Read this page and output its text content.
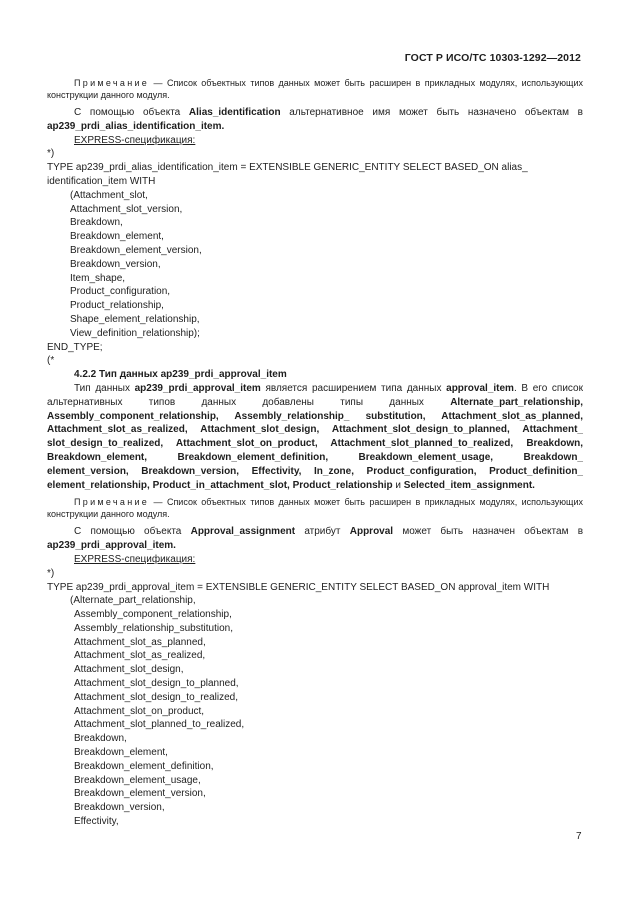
ГОСТ Р ИСО/ТС 10303-1292—2012

Примечание — Список объектных типов данных может быть расширен в прикладных модулях, использующих конструкции данного модуля.

С помощью объекта Alias_identification альтернативное имя может быть назначено объектам в ap239_prdi_alias_identification_item.

EXPRESS-спецификация:

*)

TYPE ap239_prdi_alias_identification_item = EXTENSIBLE GENERIC_ENTITY SELECT BASED_ON alias_

identification_item WITH

(Attachment_slot,
Attachment_slot_version,
Breakdown,
Breakdown_element,
Breakdown_element_version,
Breakdown_version,
Item_shape,
Product_configuration,
Product_relationship,
Shape_element_relationship,
View_definition_relationship);

END_TYPE;

(*

4.2.2 Тип данных ap239_prdi_approval_item

Тип данных ap239_prdi_approval_item является расширением типа данных approval_item. В его список альтернативных типов данных добавлены типы данных Alternate_part_relationship, Assembly_component_relationship, Assembly_relationship_ substitution, Attachment_slot_as_planned, Attachment_slot_as_realized, Attachment_slot_design, Attachment_slot_design_to_planned, Attachment_ slot_design_to_realized, Attachment_slot_on_product, Attachment_slot_planned_to_realized, Breakdown, Breakdown_element, Breakdown_element_definition, Breakdown_element_usage, Breakdown_ element_version, Breakdown_version, Effectivity, In_zone, Product_configuration, Product_definition_ element_relationship, Product_in_attachment_slot, Product_relationship и Selected_item_assignment.

Примечание — Список объектных типов данных может быть расширен в прикладных модулях, использующих конструкции данного модуля.

С помощью объекта Approval_assignment атрибут Approval может быть назначен объектам в ap239_prdi_approval_item.

EXPRESS-спецификация:

*)

TYPE ap239_prdi_approval_item = EXTENSIBLE GENERIC_ENTITY SELECT BASED_ON approval_item WITH

(Alternate_part_relationship,
Assembly_component_relationship,
Assembly_relationship_substitution,
Attachment_slot_as_planned,
Attachment_slot_as_realized,
Attachment_slot_design,
Attachment_slot_design_to_planned,
Attachment_slot_design_to_realized,
Attachment_slot_on_product,
Attachment_slot_planned_to_realized,
Breakdown,
Breakdown_element,
Breakdown_element_definition,
Breakdown_element_usage,
Breakdown_element_version,
Breakdown_version,
Effectivity,
7
